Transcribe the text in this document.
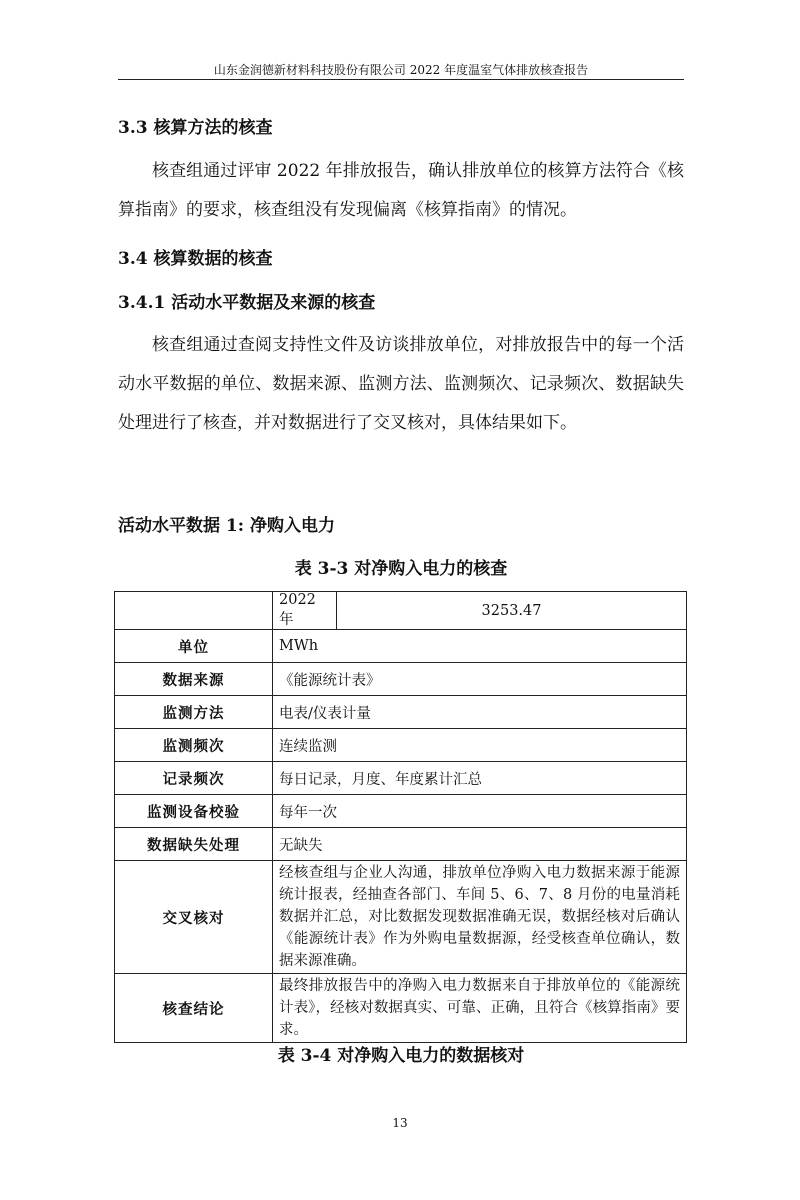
山东金润德新材料科技股份有限公司 2022 年度温室气体排放核查报告
3.3 核算方法的核查

核查组通过评审 2022 年排放报告，确认排放单位的核算方法符合《核算指南》的要求，核查组没有发现偏离《核算指南》的情况。

3.4 核算数据的核查
3.4.1 活动水平数据及来源的核查

核查组通过查阅支持性文件及访谈排放单位，对排放报告中的每一个活动水平数据的单位、数据来源、监测方法、监测频次、记录频次、数据缺失处理进行了核查，并对数据进行了交叉核对，具体结果如下。

活动水平数据 1: 净购入电力
表 3-3 对净购入电力的核查
	2022 年	3253.47
单位	MWh	
数据来源	《能源统计表》	
监测方法	电表/仪表计量	
监测频次	连续监测	
记录频次	每日记录，月度、年度累计汇总	
监测设备校验	每年一次	
数据缺失处理	无缺失	
交叉核对	经核查组与企业人沟通，排放单位净购入电力数据来源于能源统计报表，经抽查各部门、车间 5、6、7、8 月份的电量消耗数据并汇总，对比数据发现数据准确无误，数据经核对后确认《能源统计表》作为外购电量数据源，经受核查单位确认，数据来源准确。	
核查结论	最终排放报告中的净购入电力数据来自于排放单位的《能源统计表》，经核对数据真实、可靠、正确，且符合《核算指南》要求。	
表 3-4 对净购入电力的数据核对
13
